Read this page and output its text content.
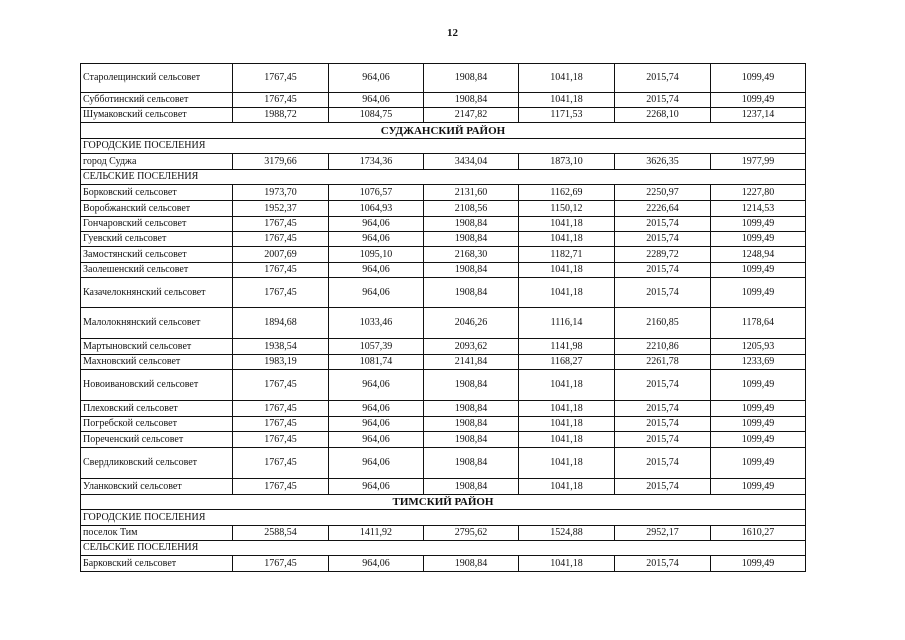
12
Старолещинский сельсовет	1767,45	964,06	1908,84	1041,18	2015,74	1099,49
Субботинский сельсовет	1767,45	964,06	1908,84	1041,18	2015,74	1099,49
Шумаковский сельсовет	1988,72	1084,75	2147,82	1171,53	2268,10	1237,14
СУДЖАНСКИЙ РАЙОН						
ГОРОДСКИЕ ПОСЕЛЕНИЯ						
город Суджа	3179,66	1734,36	3434,04	1873,10	3626,35	1977,99
СЕЛЬСКИЕ ПОСЕЛЕНИЯ						
Борковский сельсовет	1973,70	1076,57	2131,60	1162,69	2250,97	1227,80
Воробжанский сельсовет	1952,37	1064,93	2108,56	1150,12	2226,64	1214,53
Гончаровский сельсовет	1767,45	964,06	1908,84	1041,18	2015,74	1099,49
Гуевский сельсовет	1767,45	964,06	1908,84	1041,18	2015,74	1099,49
Замостянский сельсовет	2007,69	1095,10	2168,30	1182,71	2289,72	1248,94
Заолешенский сельсовет	1767,45	964,06	1908,84	1041,18	2015,74	1099,49
Казачелокнянский сельсовет	1767,45	964,06	1908,84	1041,18	2015,74	1099,49
Малолокнянский сельсовет	1894,68	1033,46	2046,26	1116,14	2160,85	1178,64
Мартыновский сельсовет	1938,54	1057,39	2093,62	1141,98	2210,86	1205,93
Махновский сельсовет	1983,19	1081,74	2141,84	1168,27	2261,78	1233,69
Новоивановский сельсовет	1767,45	964,06	1908,84	1041,18	2015,74	1099,49
Плеховский сельсовет	1767,45	964,06	1908,84	1041,18	2015,74	1099,49
Погребской сельсовет	1767,45	964,06	1908,84	1041,18	2015,74	1099,49
Пореченский сельсовет	1767,45	964,06	1908,84	1041,18	2015,74	1099,49
Свердликовский сельсовет	1767,45	964,06	1908,84	1041,18	2015,74	1099,49
Уланковский сельсовет	1767,45	964,06	1908,84	1041,18	2015,74	1099,49
ТИМСКИЙ РАЙОН						
ГОРОДСКИЕ ПОСЕЛЕНИЯ						
поселок Тим	2588,54	1411,92	2795,62	1524,88	2952,17	1610,27
СЕЛЬСКИЕ ПОСЕЛЕНИЯ						
Барковский сельсовет	1767,45	964,06	1908,84	1041,18	2015,74	1099,49
